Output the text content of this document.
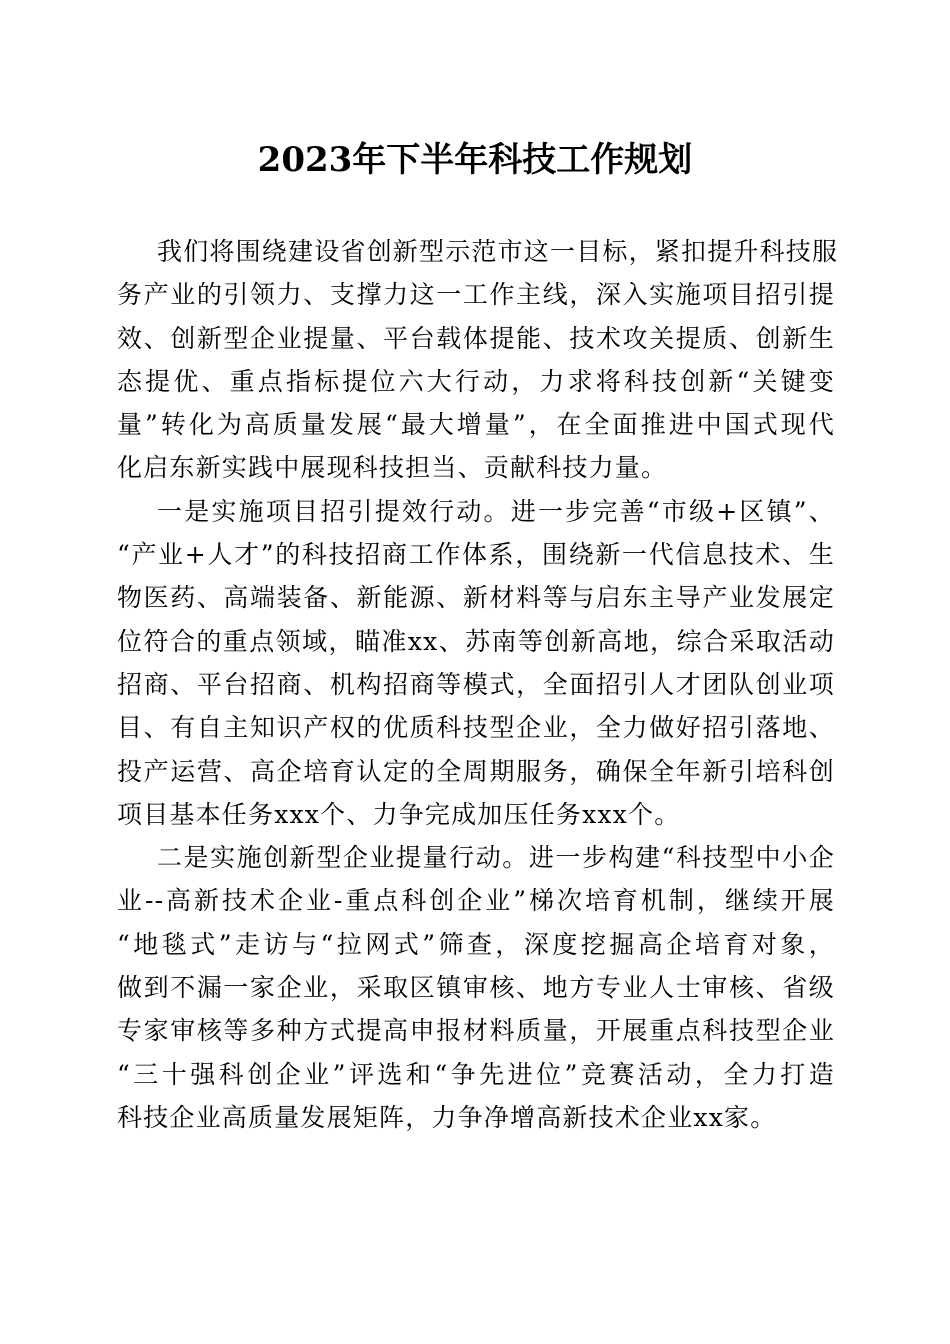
2023年下半年科技工作规划
我们将围绕建设省创新型示范市这一目标，紧扣提升科技服
务产业的引领力、支撑力这一工作主线，深入实施项目招引提
效、创新型企业提量、平台载体提能、技术攻关提质、创新生
态提优、重点指标提位六大行动，力求将科技创新“关键变
量”转化为高质量发展“最大增量”，在全面推进中国式现代
化启东新实践中展现科技担当、贡献科技力量。
一是实施项目招引提效行动。进一步完善“市级+区镇”、
“产业+人才”的科技招商工作体系，围绕新一代信息技术、生
物医药、高端装备、新能源、新材料等与启东主导产业发展定
位符合的重点领域，瞄准xx、苏南等创新高地，综合采取活动
招商、平台招商、机构招商等模式，全面招引人才团队创业项
目、有自主知识产权的优质科技型企业，全力做好招引落地、
投产运营、高企培育认定的全周期服务，确保全年新引培科创
项目基本任务xxx个、力争完成加压任务xxx个。
二是实施创新型企业提量行动。进一步构建“科技型中小企
业--高新技术企业-重点科创企业”梯次培育机制，继续开展
“地毯式”走访与“拉网式”筛查，深度挖掘高企培育对象，
做到不漏一家企业，采取区镇审核、地方专业人士审核、省级
专家审核等多种方式提高申报材料质量，开展重点科技型企业
“三十强科创企业”评选和“争先进位”竞赛活动，全力打造
科技企业高质量发展矩阵，力争净增高新技术企业xx家。
